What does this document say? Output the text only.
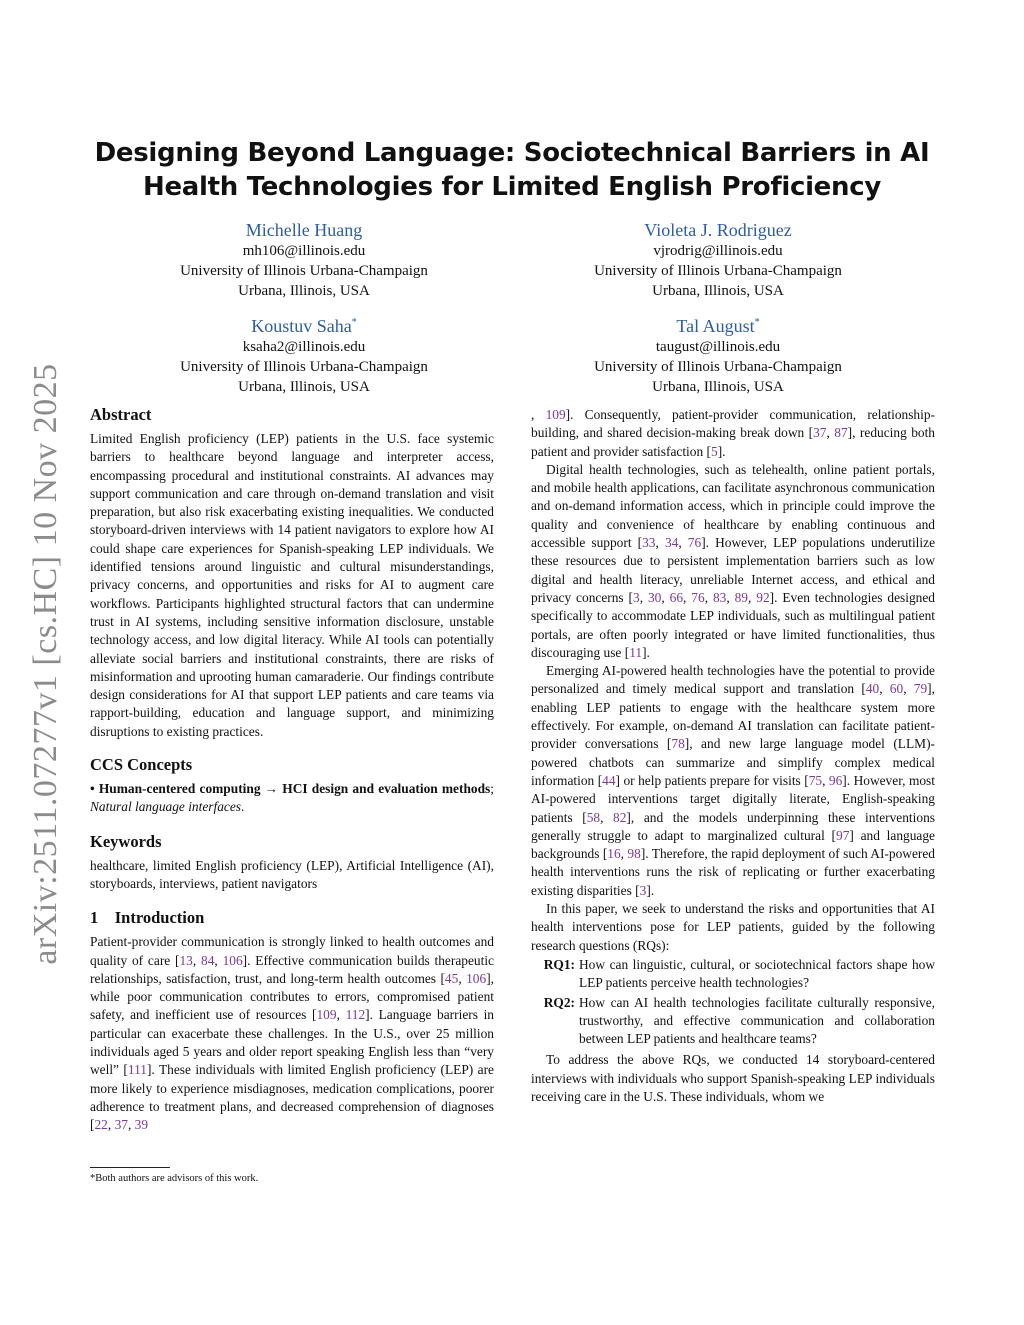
arXiv:2511.07277v1 [cs.HC] 10 Nov 2025
Designing Beyond Language: Sociotechnical Barriers in AI Health Technologies for Limited English Proficiency
Michelle Huang
mh106@illinois.edu
University of Illinois Urbana-Champaign
Urbana, Illinois, USA
Violeta J. Rodriguez
vjrodrig@illinois.edu
University of Illinois Urbana-Champaign
Urbana, Illinois, USA
Koustuv Saha*
ksaha2@illinois.edu
University of Illinois Urbana-Champaign
Urbana, Illinois, USA
Tal August*
taugust@illinois.edu
University of Illinois Urbana-Champaign
Urbana, Illinois, USA
Abstract

Limited English proficiency (LEP) patients in the U.S. face systemic barriers to healthcare beyond language and interpreter access, encompassing procedural and institutional constraints. AI advances may support communication and care through on-demand translation and visit preparation, but also risk exacerbating existing inequalities. We conducted storyboard-driven interviews with 14 patient navigators to explore how AI could shape care experiences for Spanish-speaking LEP individuals. We identified tensions around linguistic and cultural misunderstandings, privacy concerns, and opportunities and risks for AI to augment care workflows. Participants highlighted structural factors that can undermine trust in AI systems, including sensitive information disclosure, unstable technology access, and low digital literacy. While AI tools can potentially alleviate social barriers and institutional constraints, there are risks of misinformation and uprooting human camaraderie. Our findings contribute design considerations for AI that support LEP patients and care teams via rapport-building, education and language support, and minimizing disruptions to existing practices.

CCS Concepts

• Human-centered computing → HCI design and evaluation methods; Natural language interfaces.

Keywords

healthcare, limited English proficiency (LEP), Artificial Intelligence (AI), storyboards, interviews, patient navigators

1    Introduction

Patient-provider communication is strongly linked to health outcomes and quality of care [13, 84, 106]. Effective communication builds therapeutic relationships, satisfaction, trust, and long-term health outcomes [45, 106], while poor communication contributes to errors, compromised patient safety, and inefficient use of resources [109, 112]. Language barriers in particular can exacerbate these challenges. In the U.S., over 25 million individuals aged 5 years and older report speaking English less than “very well” [111]. These individuals with limited English proficiency (LEP) are more likely to experience misdiagnoses, medication complications, poorer adherence to treatment plans, and decreased comprehension of diagnoses [22, 37, 39

, 109]. Consequently, patient-provider communication, relationship-building, and shared decision-making break down [37, 87], reducing both patient and provider satisfaction [5].

Digital health technologies, such as telehealth, online patient portals, and mobile health applications, can facilitate asynchronous communication and on-demand information access, which in principle could improve the quality and convenience of healthcare by enabling continuous and accessible support [33, 34, 76]. However, LEP populations underutilize these resources due to persistent implementation barriers such as low digital and health literacy, unreliable Internet access, and ethical and privacy concerns [3, 30, 66, 76, 83, 89, 92]. Even technologies designed specifically to accommodate LEP individuals, such as multilingual patient portals, are often poorly integrated or have limited functionalities, thus discouraging use [11].

Emerging AI-powered health technologies have the potential to provide personalized and timely medical support and translation [40, 60, 79], enabling LEP patients to engage with the healthcare system more effectively. For example, on-demand AI translation can facilitate patient-provider conversations [78], and new large language model (LLM)-powered chatbots can summarize and simplify complex medical information [44] or help patients prepare for visits [75, 96]. However, most AI-powered interventions target digitally literate, English-speaking patients [58, 82], and the models underpinning these interventions generally struggle to adapt to marginalized cultural [97] and language backgrounds [16, 98]. Therefore, the rapid deployment of such AI-powered health interventions runs the risk of replicating or further exacerbating existing disparities [3].

In this paper, we seek to understand the risks and opportunities that AI health interventions pose for LEP patients, guided by the following research questions (RQs):

RQ1: How can linguistic, cultural, or sociotechnical factors shape how LEP patients perceive health technologies?
RQ2: How can AI health technologies facilitate culturally responsive, trustworthy, and effective communication and collaboration between LEP patients and healthcare teams?

To address the above RQs, we conducted 14 storyboard-centered interviews with individuals who support Spanish-speaking LEP individuals receiving care in the U.S. These individuals, whom we

*Both authors are advisors of this work.
